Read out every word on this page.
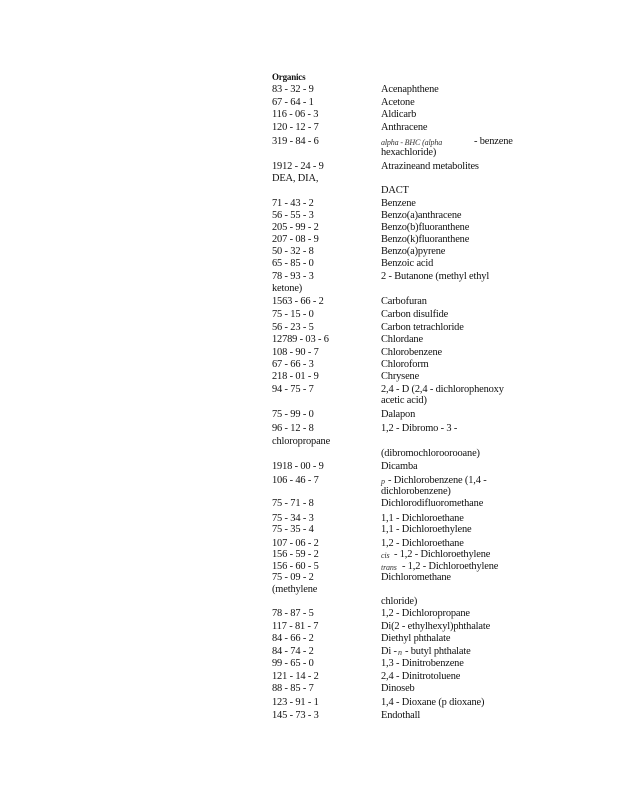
Organics
83 - 32 - 9	Acenaphthene
67 - 64 - 1	Acetone
116 - 06 - 3	Aldicarb
120 - 12 - 7	Anthracene
319 - 84 - 6	alpha - BHC (alpha	- benzene
hexachloride)
1912 - 24 - 9	Atrazineand metabolites
DEA, DIA,
DACT
71 - 43 - 2	Benzene
56 - 55 - 3	Benzo(a)anthracene
205 - 99 - 2	Benzo(b)fluoranthene
207 - 08 - 9	Benzo(k)fluoranthene
50 - 32 - 8	Benzo(a)pyrene
65 - 85 - 0	Benzoic acid
78 - 93 - 3	2 - Butanone (methyl ethyl
ketone)
1563 - 66 - 2	Carbofuran
75 - 15 - 0	Carbon disulfide
56 - 23 - 5	Carbon tetrachloride
12789 - 03 - 6	Chlordane
108 - 90 - 7	Chlorobenzene
67 - 66 - 3	Chloroform
218 - 01 - 9	Chrysene
94 - 75 - 7	2,4 - D (2,4 - dichlorophenoxy
acetic acid)
75 - 99 - 0	Dalapon
96 - 12 - 8	1,2 - Dibromo - 3 -
chloropropane
(dibromochloroorooane)
1918 - 00 - 9	Dicamba
106 - 46 - 7	p - Dichlorobenzene (1,4 -
dichlorobenzene)
75 - 71 - 8	Dichlorodifluoromethane
75 - 34 - 3	1,1 - Dichloroethane
75 - 35 - 4	1,1 - Dichloroethylene
107 - 06 - 2	1,2 - Dichloroethane
156 - 59 - 2	cis - 1,2 - Dichloroethylene
156 - 60 - 5	trans - 1,2 - Dichloroethylene
75 - 09 - 2	Dichloromethane
(methylene
chloride)
78 - 87 - 5	1,2 - Dichloropropane
117 - 81 - 7	Di(2 - ethylhexyl)phthalate
84 - 66 - 2	Diethyl phthalate
84 - 74 - 2	Di - n - butyl phthalate
99 - 65 - 0	1,3 - Dinitrobenzene
121 - 14 - 2	2,4 - Dinitrotoluene
88 - 85 - 7	Dinoseb
123 - 91 - 1	1,4 - Dioxane (p dioxane)
145 - 73 - 3	Endothall
